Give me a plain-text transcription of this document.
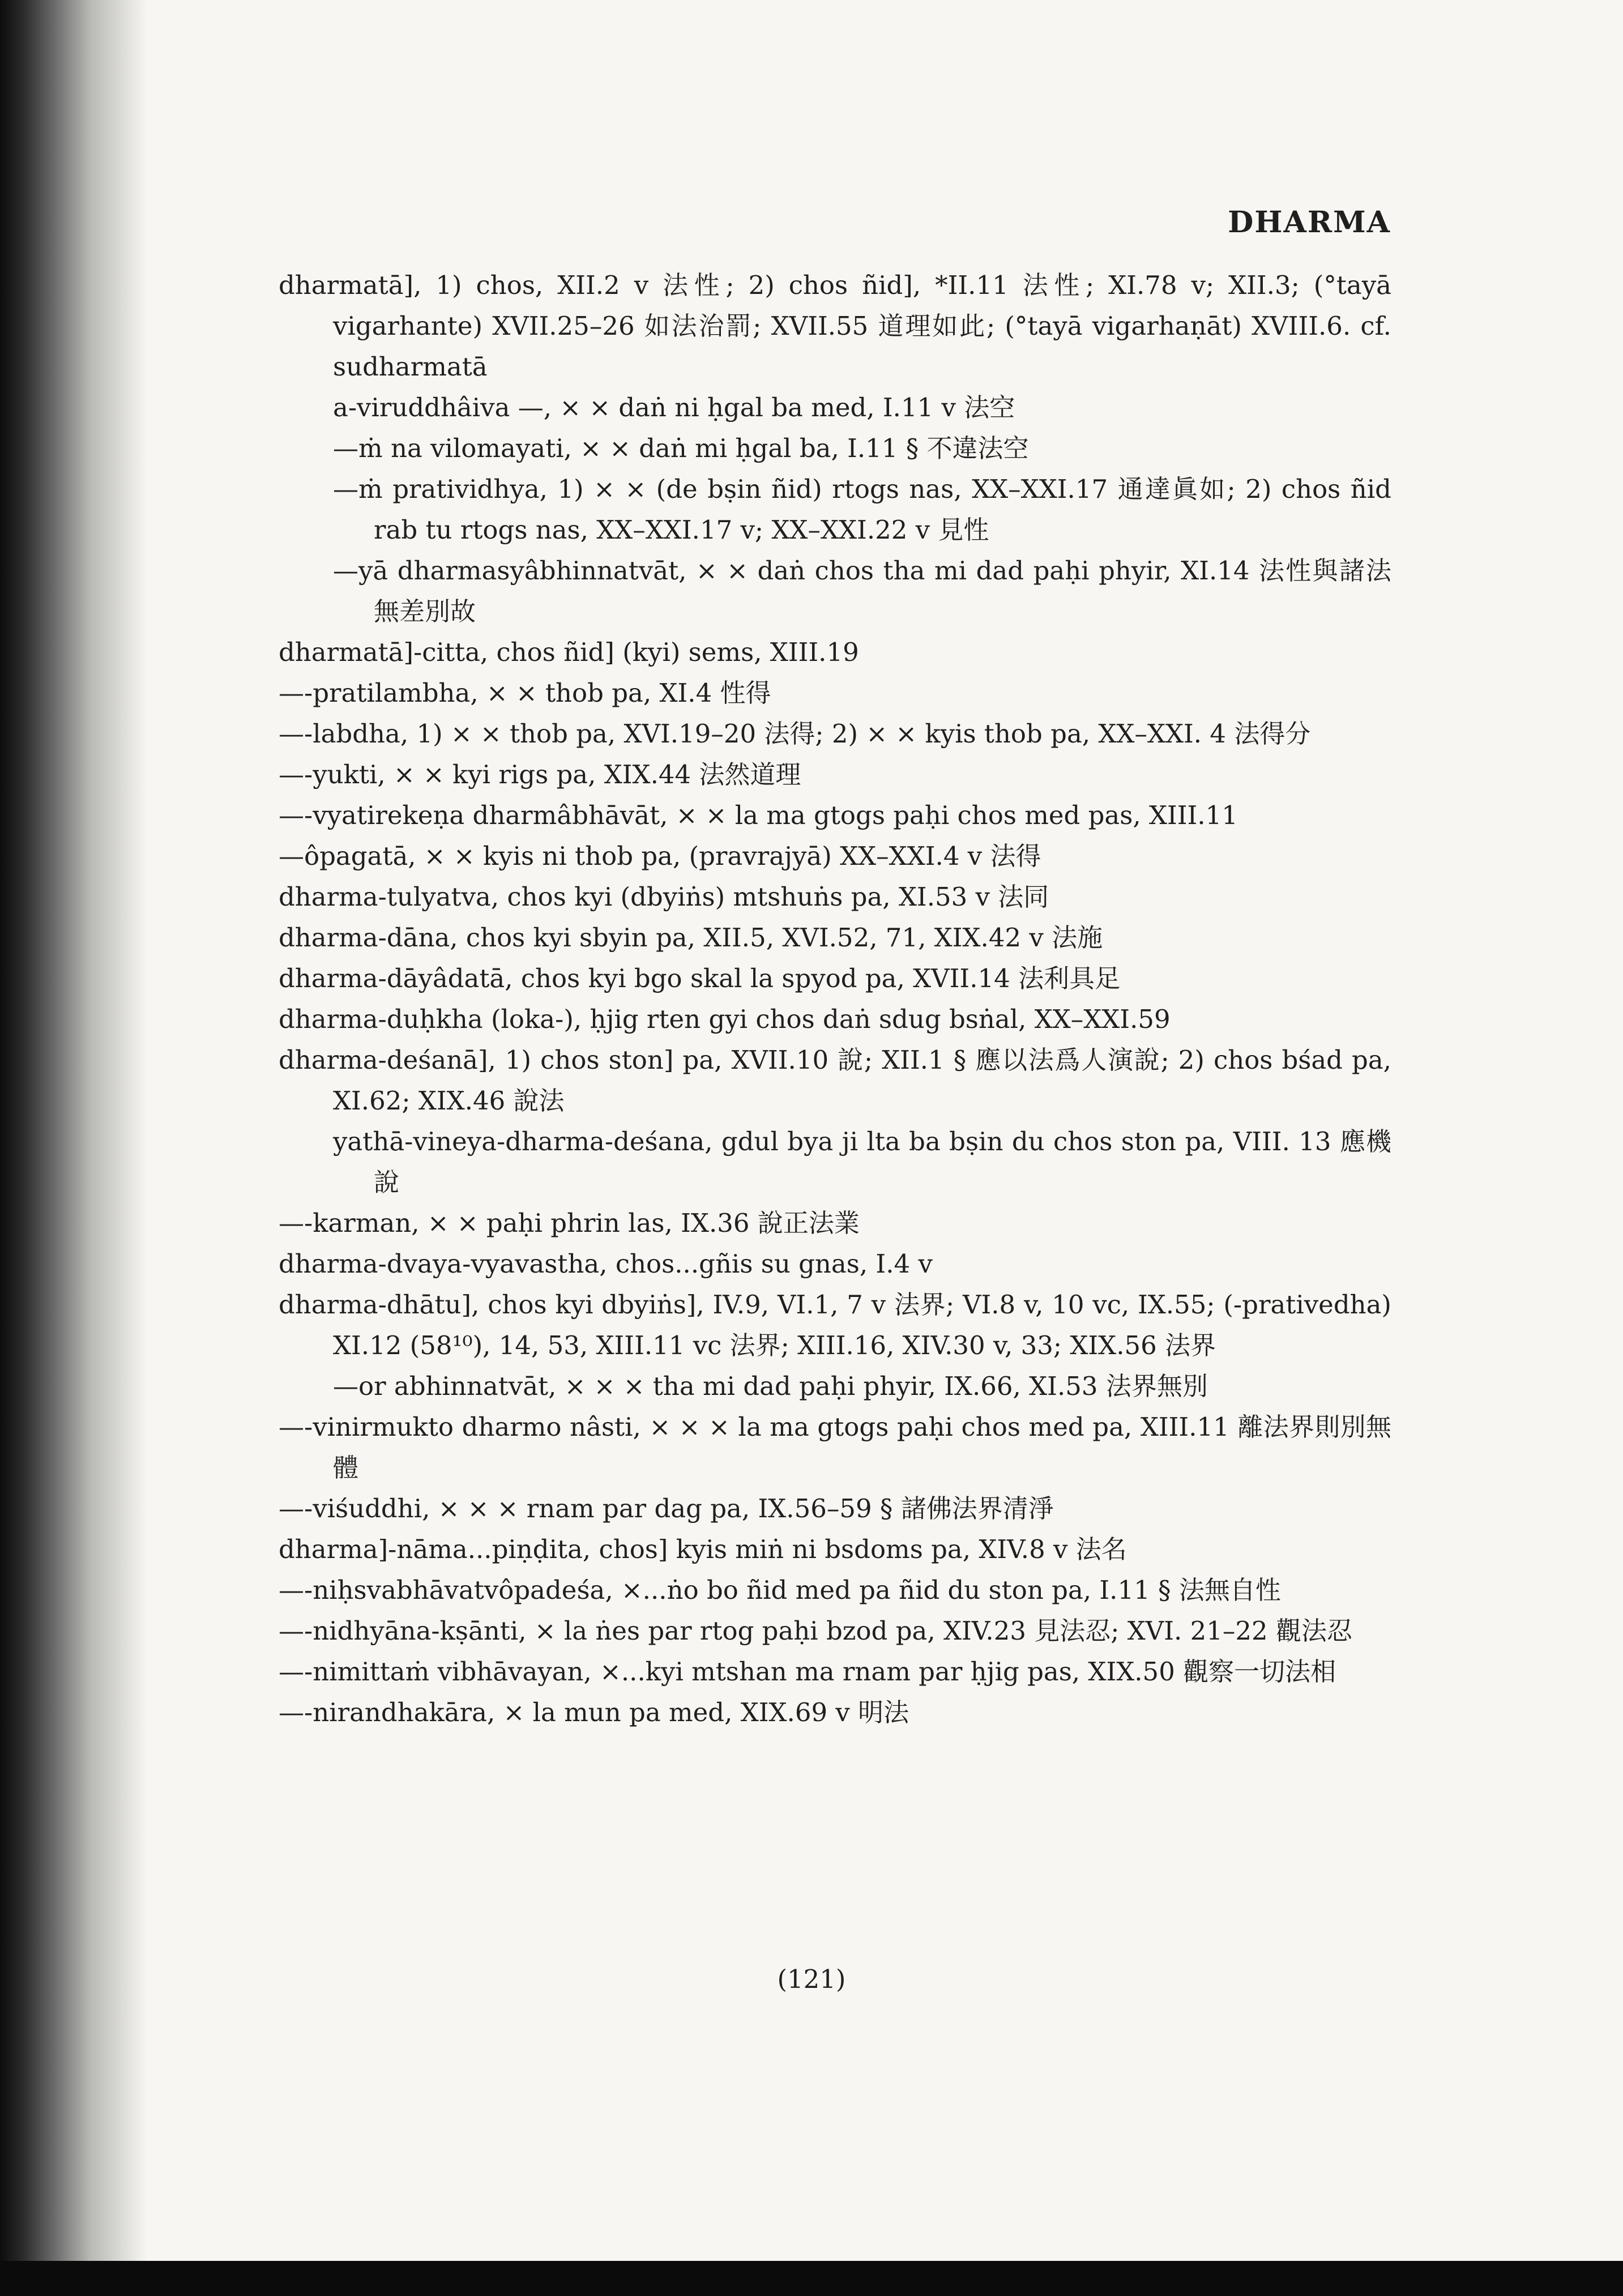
DHARMA
dharmatā], 1) chos, XII.2 v 法性; 2) chos ñid], *II.11 法性; XI.78 v; XII.3; (°tayā vigarhante) XVII.25–26 如法治罰; XVII.55 道理如此; (°tayā vigarhaṇāt) XVIII.6. cf. sudharmatā
a-viruddhâiva —, × × daṅ ni ḥgal ba med, I.11 v 法空
—ṁ na vilomayati, × × daṅ mi ḥgal ba, I.11 § 不違法空
—ṁ pratividhya, 1) × × (de bṣin ñid) rtogs nas, XX–XXI.17 通達眞如; 2) chos ñid rab tu rtogs nas, XX–XXI.17 v; XX–XXI.22 v 見性
—yā dharmasyâbhinnatvāt, × × daṅ chos tha mi dad paḥi phyir, XI.14 法性與諸法無差別故
dharmatā]-citta, chos ñid] (kyi) sems, XIII.19
—-pratilambha, × × thob pa, XI.4 性得
—-labdha, 1) × × thob pa, XVI.19–20 法得; 2) × × kyis thob pa, XX–XXI. 4 法得分
—-yukti, × × kyi rigs pa, XIX.44 法然道理
—-vyatirekeṇa dharmâbhāvāt, × × la ma gtogs paḥi chos med pas, XIII.11
—ôpagatā, × × kyis ni thob pa, (pravrajyā) XX–XXI.4 v 法得
dharma-tulyatva, chos kyi (dbyiṅs) mtshuṅs pa, XI.53 v 法同
dharma-dāna, chos kyi sbyin pa, XII.5, XVI.52, 71, XIX.42 v 法施
dharma-dāyâdatā, chos kyi bgo skal la spyod pa, XVII.14 法利具足
dharma-duḥkha (loka-), ḥjig rten gyi chos daṅ sdug bsṅal, XX–XXI.59
dharma-deśanā], 1) chos ston] pa, XVII.10 說; XII.1 § 應以法爲人演說; 2) chos bśad pa, XI.62; XIX.46 說法
yathā-vineya-dharma-deśana, gdul bya ji lta ba bṣin du chos ston pa, VIII. 13 應機說
—-karman, × × paḥi phrin las, IX.36 說正法業
dharma-dvaya-vyavastha, chos...gñis su gnas, I.4 v
dharma-dhātu], chos kyi dbyiṅs], IV.9, VI.1, 7 v 法界; VI.8 v, 10 vc, IX.55; (-prativedha) XI.12 (58¹⁰), 14, 53, XIII.11 vc 法界; XIII.16, XIV.30 v, 33; XIX.56 法界
—or abhinnatvāt, × × × tha mi dad paḥi phyir, IX.66, XI.53 法界無別
—-vinirmukto dharmo nâsti, × × × la ma gtogs paḥi chos med pa, XIII.11 離法界則別無體
—-viśuddhi, × × × rnam par dag pa, IX.56–59 § 諸佛法界清淨
dharma]-nāma...piṇḍita, chos] kyis miṅ ni bsdoms pa, XIV.8 v 法名
—-niḥsvabhāvatvôpadeśa, ×...ṅo bo ñid med pa ñid du ston pa, I.11 § 法無自性
—-nidhyāna-kṣānti, × la ṅes par rtog paḥi bzod pa, XIV.23 見法忍; XVI. 21–22 觀法忍
—-nimittaṁ vibhāvayan, ×...kyi mtshan ma rnam par ḥjig pas, XIX.50 觀察一切法相
—-nirandhakāra, × la mun pa med, XIX.69 v 明法
(121)
